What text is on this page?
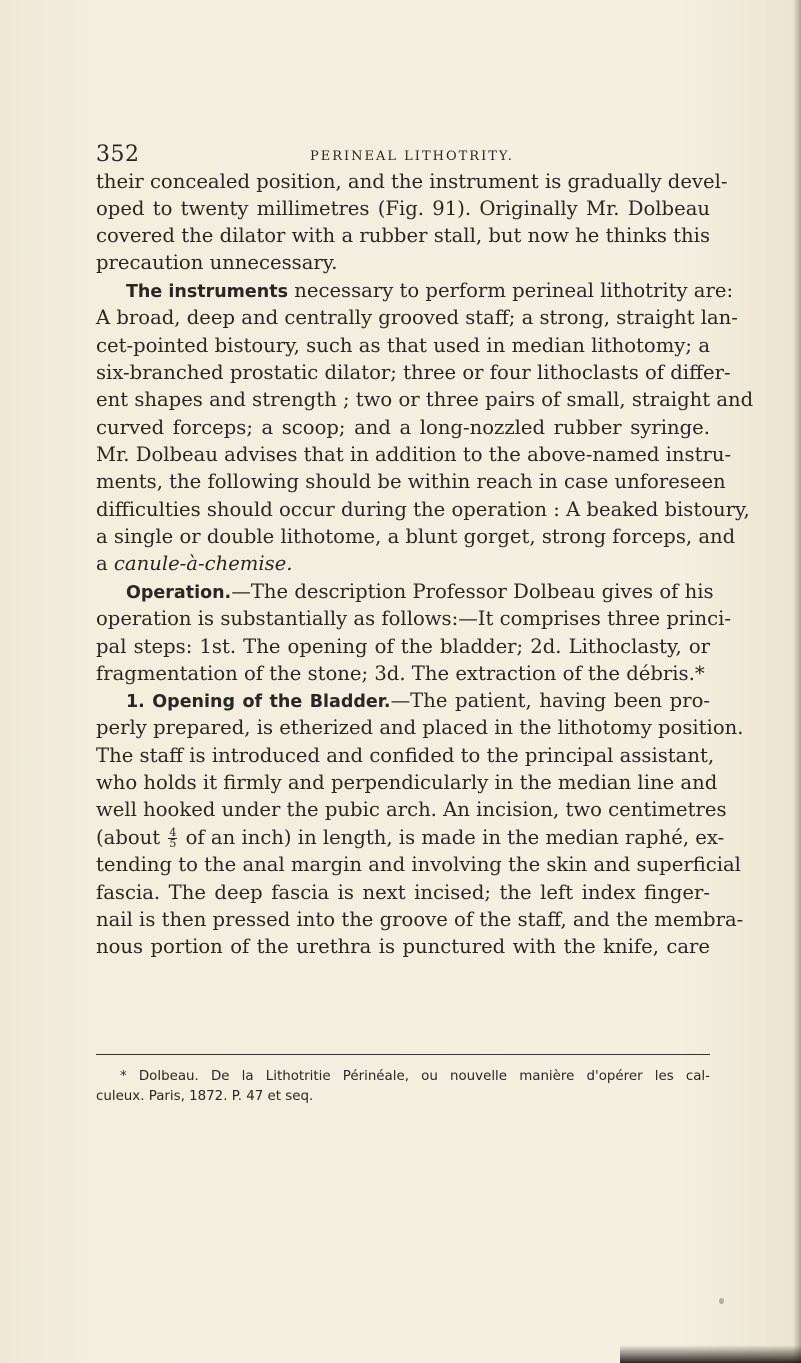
352	PERINEAL LITHOTRITY.
their concealed position, and the instrument is gradually devel-
oped to twenty millimetres (Fig. 91). Originally Mr. Dolbeau
covered the dilator with a rubber stall, but now he thinks this
precaution unnecessary.
The instruments necessary to perform perineal lithotrity are:
A broad, deep and centrally grooved staff; a strong, straight lan-
cet-pointed bistoury, such as that used in median lithotomy; a
six-branched prostatic dilator; three or four lithoclasts of differ-
ent shapes and strength ; two or three pairs of small, straight and
curved forceps; a scoop; and a long-nozzled rubber syringe.
Mr. Dolbeau advises that in addition to the above-named instru-
ments, the following should be within reach in case unforeseen
difficulties should occur during the operation : A beaked bistoury,
a single or double lithotome, a blunt gorget, strong forceps, and
a canule-à-chemise.
Operation.—The description Professor Dolbeau gives of his
operation is substantially as follows:—It comprises three princi-
pal steps: 1st. The opening of the bladder; 2d. Lithoclasty, or
fragmentation of the stone; 3d. The extraction of the débris.*
1. Opening of the Bladder.—The patient, having been pro-
perly prepared, is etherized and placed in the lithotomy position.
The staff is introduced and confided to the principal assistant,
who holds it firmly and perpendicularly in the median line and
well hooked under the pubic arch. An incision, two centimetres
(about $\frac{4}{5}$ of an inch) in length, is made in the median raphé, ex-
tending to the anal margin and involving the skin and superficial
fascia. The deep fascia is next incised; the left index finger-
nail is then pressed into the groove of the staff, and the membra-
nous portion of the urethra is punctured with the knife, care
* Dolbeau. De la Lithotritie Périnéale, ou nouvelle manière d'opérer les cal-
culeux. Paris, 1872. P. 47 et seq.
